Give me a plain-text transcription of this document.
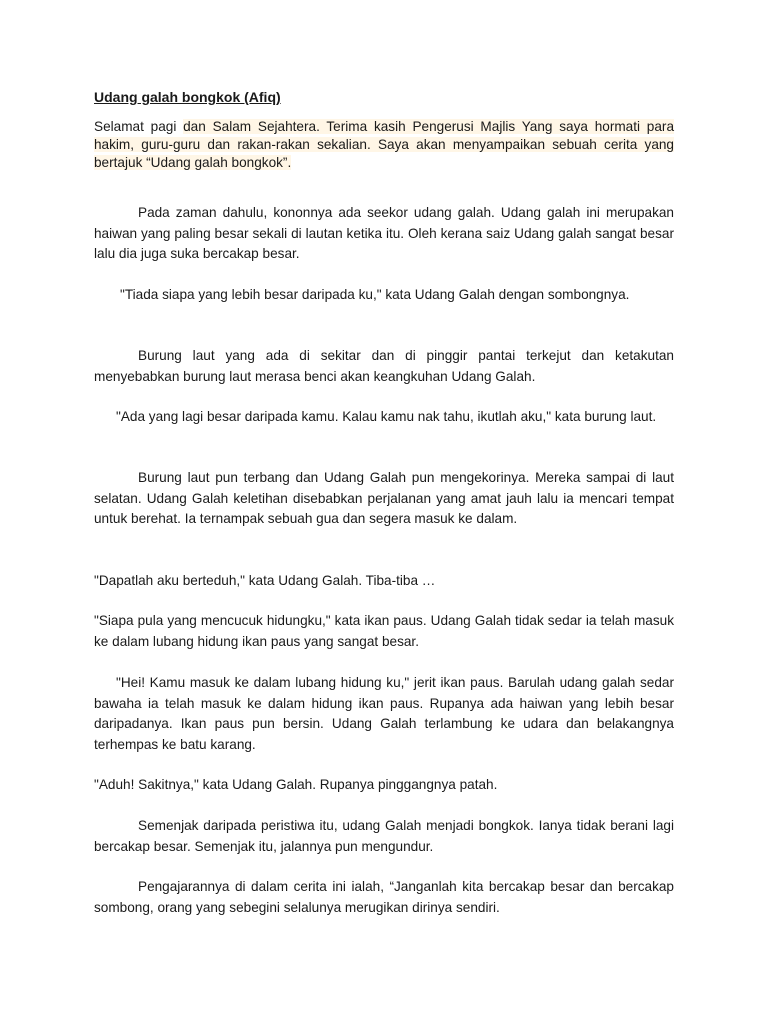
Udang galah bongkok (Afiq)

Selamat pagi dan Salam Sejahtera. Terima kasih Pengerusi Majlis Yang saya hormati para hakim, guru-guru dan rakan-rakan sekalian. Saya akan menyampaikan sebuah cerita yang bertajuk “Udang galah bongkok”.

Pada zaman dahulu, kononnya ada seekor udang galah. Udang galah ini merupakan haiwan yang paling besar sekali di lautan ketika itu. Oleh kerana saiz Udang galah sangat besar lalu dia juga suka bercakap besar.

"Tiada siapa yang lebih besar daripada ku," kata Udang Galah dengan sombongnya.

Burung laut yang ada di sekitar dan di pinggir pantai terkejut dan ketakutan menyebabkan burung laut merasa benci akan keangkuhan Udang Galah.

"Ada yang lagi besar daripada kamu. Kalau kamu nak tahu, ikutlah aku," kata burung laut.

Burung laut pun terbang dan Udang Galah pun mengekorinya. Mereka sampai di laut selatan. Udang Galah keletihan disebabkan perjalanan yang amat jauh lalu ia mencari tempat untuk berehat. Ia ternampak sebuah gua dan segera masuk ke dalam.

"Dapatlah aku berteduh," kata Udang Galah. Tiba-tiba …

"Siapa pula yang mencucuk hidungku," kata ikan paus. Udang Galah tidak sedar ia telah masuk ke dalam lubang hidung ikan paus yang sangat besar.

"Hei! Kamu masuk ke dalam lubang hidung ku," jerit ikan paus. Barulah udang galah sedar bawaha ia telah masuk ke dalam hidung ikan paus. Rupanya ada haiwan yang lebih besar daripadanya. Ikan paus pun bersin. Udang Galah terlambung ke udara dan belakangnya terhempas ke batu karang.

"Aduh! Sakitnya," kata Udang Galah. Rupanya pinggangnya patah.

Semenjak daripada peristiwa itu, udang Galah menjadi bongkok. Ianya tidak berani lagi bercakap besar. Semenjak itu, jalannya pun mengundur.

Pengajarannya di dalam cerita ini ialah, “Janganlah kita bercakap besar dan bercakap sombong, orang yang sebegini selalunya merugikan dirinya sendiri.
